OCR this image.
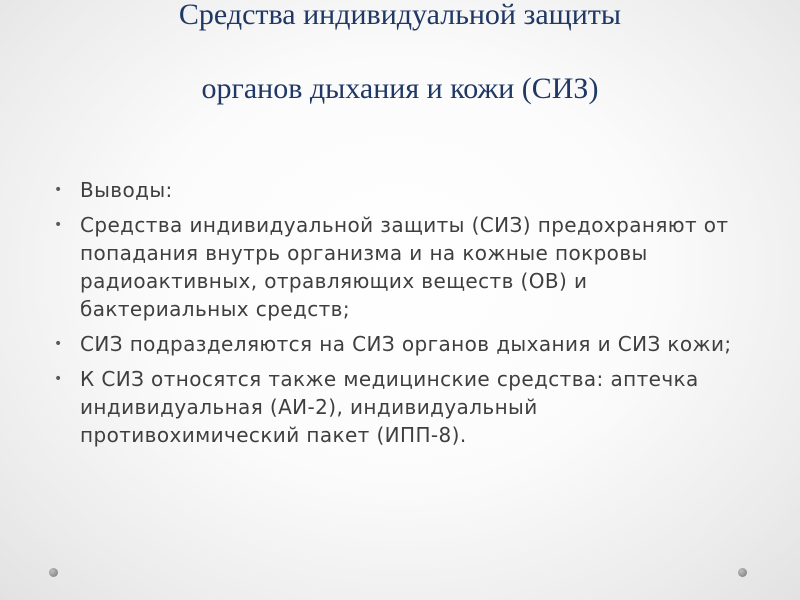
Средства индивидуальной защиты
органов дыхания и кожи (СИЗ)
• Выводы:
• Средства индивидуальной защиты (СИЗ) предохраняют от попадания внутрь организма и на кожные покровы радиоактивных, отравляющих веществ (ОВ) и бактериальных средств;
• СИЗ подразделяются на СИЗ органов дыхания и СИЗ кожи;
• К СИЗ относятся также медицинские средства: аптечка индивидуальная (АИ-2), индивидуальный противохимический пакет (ИПП-8).
